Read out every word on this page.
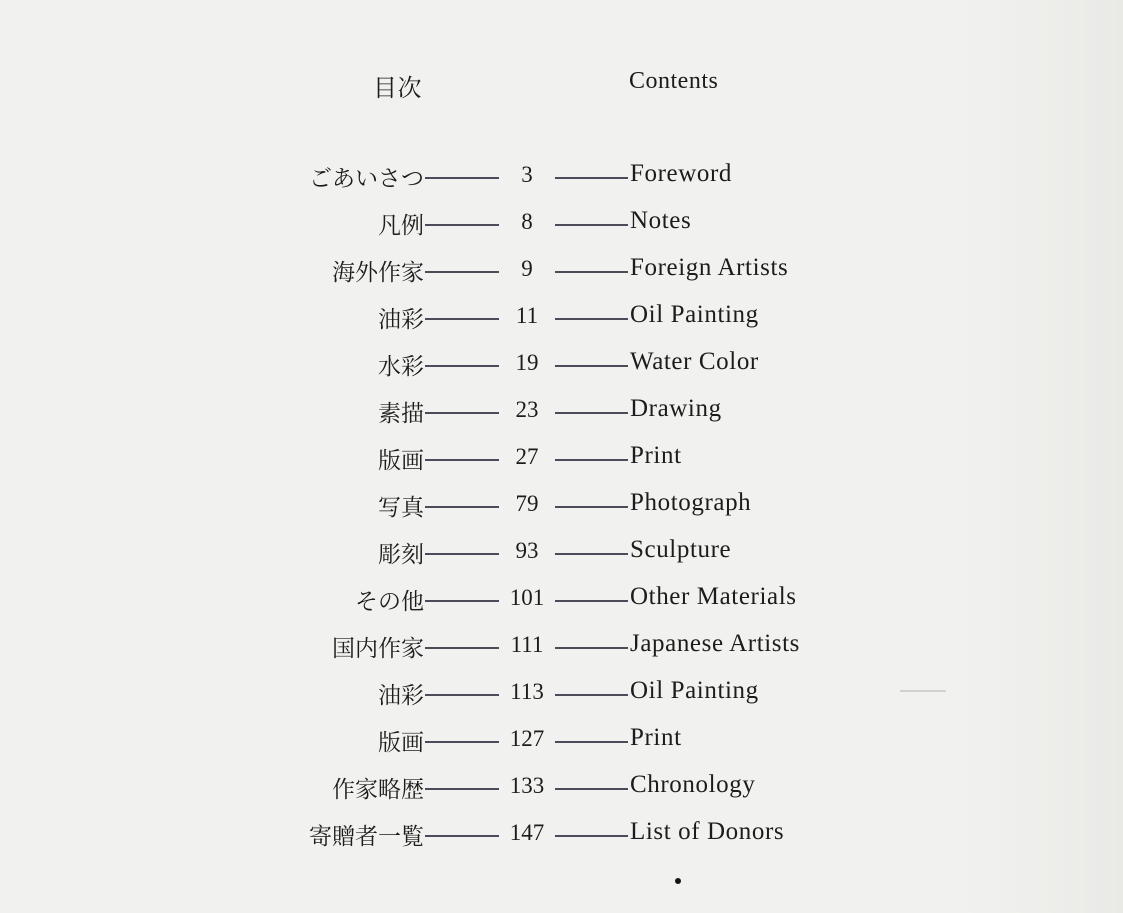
目次	Contents
ごあいさつ	3	Foreword
凡例	8	Notes
海外作家	9	Foreign Artists
油彩	11	Oil Painting
水彩	19	Water Color
素描	23	Drawing
版画	27	Print
写真	79	Photograph
彫刻	93	Sculpture
その他	101	Other Materials
国内作家	111	Japanese Artists
油彩	113	Oil Painting
版画	127	Print
作家略歴	133	Chronology
寄贈者一覧	147	List of Donors
